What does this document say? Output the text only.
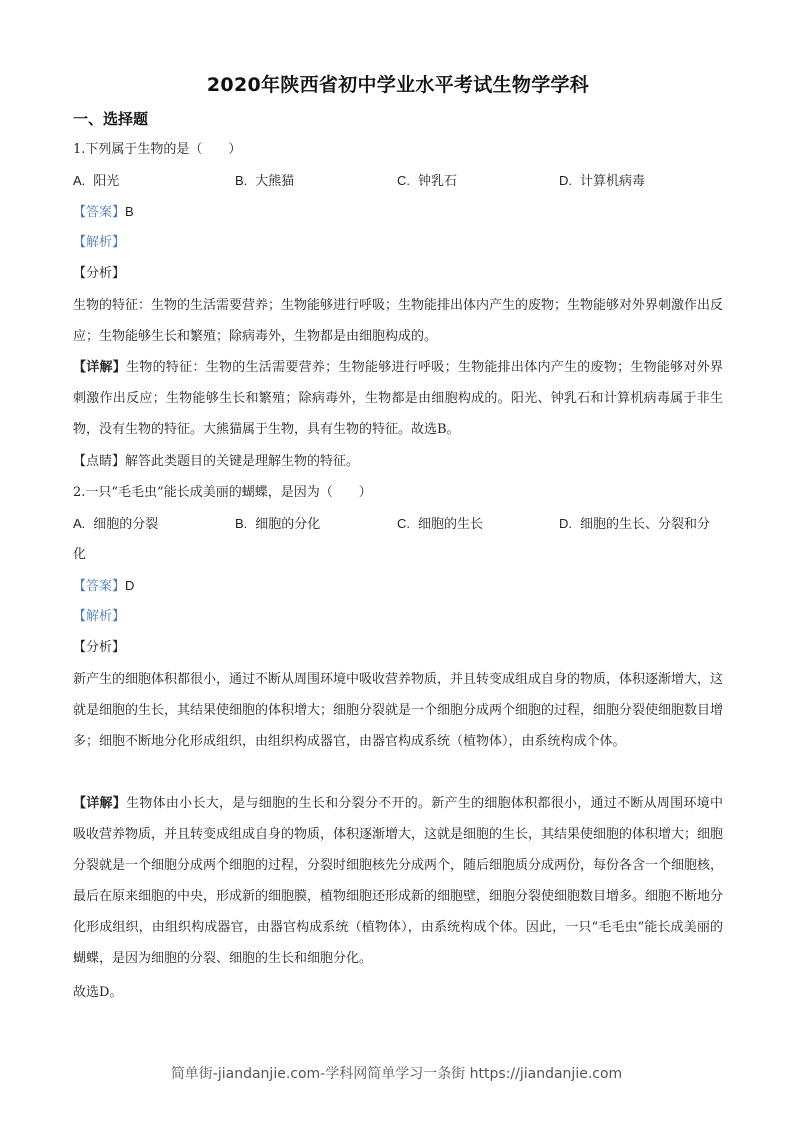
2020年陕西省初中学业水平考试生物学学科
一、选择题
1.下列属于生物的是（　　）
A. 阳光	B. 大熊猫	C. 钟乳石	D. 计算机病毒
【答案】B
【解析】
【分析】
生物的特征：生物的生活需要营养；生物能够进行呼吸；生物能排出体内产生的废物；生物能够对外界刺激作出反应；生物能够生长和繁殖；除病毒外，生物都是由细胞构成的。
【详解】生物的特征：生物的生活需要营养；生物能够进行呼吸；生物能排出体内产生的废物；生物能够对外界刺激作出反应；生物能够生长和繁殖；除病毒外，生物都是由细胞构成的。阳光、钟乳石和计算机病毒属于非生物，没有生物的特征。大熊猫属于生物，具有生物的特征。故选B。
【点睛】解答此类题目的关键是理解生物的特征。
2.一只“毛毛虫”能长成美丽的蝴蝶，是因为（　　）
A. 细胞的分裂	B. 细胞的分化	C. 细胞的生长	D. 细胞的生长、分裂和分
化
【答案】D
【解析】
【分析】
新产生的细胞体积都很小，通过不断从周围环境中吸收营养物质，并且转变成组成自身的物质，体积逐渐增大，这就是细胞的生长，其结果使细胞的体积增大；细胞分裂就是一个细胞分成两个细胞的过程，细胞分裂使细胞数目增多；细胞不断地分化形成组织，由组织构成器官，由器官构成系统（植物体），由系统构成个体。
【详解】生物体由小长大，是与细胞的生长和分裂分不开的。新产生的细胞体积都很小，通过不断从周围环境中吸收营养物质，并且转变成组成自身的物质，体积逐渐增大，这就是细胞的生长，其结果使细胞的体积增大；细胞分裂就是一个细胞分成两个细胞的过程，分裂时细胞核先分成两个，随后细胞质分成两份，每份各含一个细胞核，最后在原来细胞的中央，形成新的细胞膜，植物细胞还形成新的细胞壁，细胞分裂使细胞数目增多。细胞不断地分化形成组织，由组织构成器官，由器官构成系统（植物体），由系统构成个体。因此，一只“毛毛虫”能长成美丽的蝴蝶，是因为细胞的分裂、细胞的生长和细胞分化。
故选D。
简单街-jiandanjie.com-学科网简单学习一条街 https://jiandanjie.com
